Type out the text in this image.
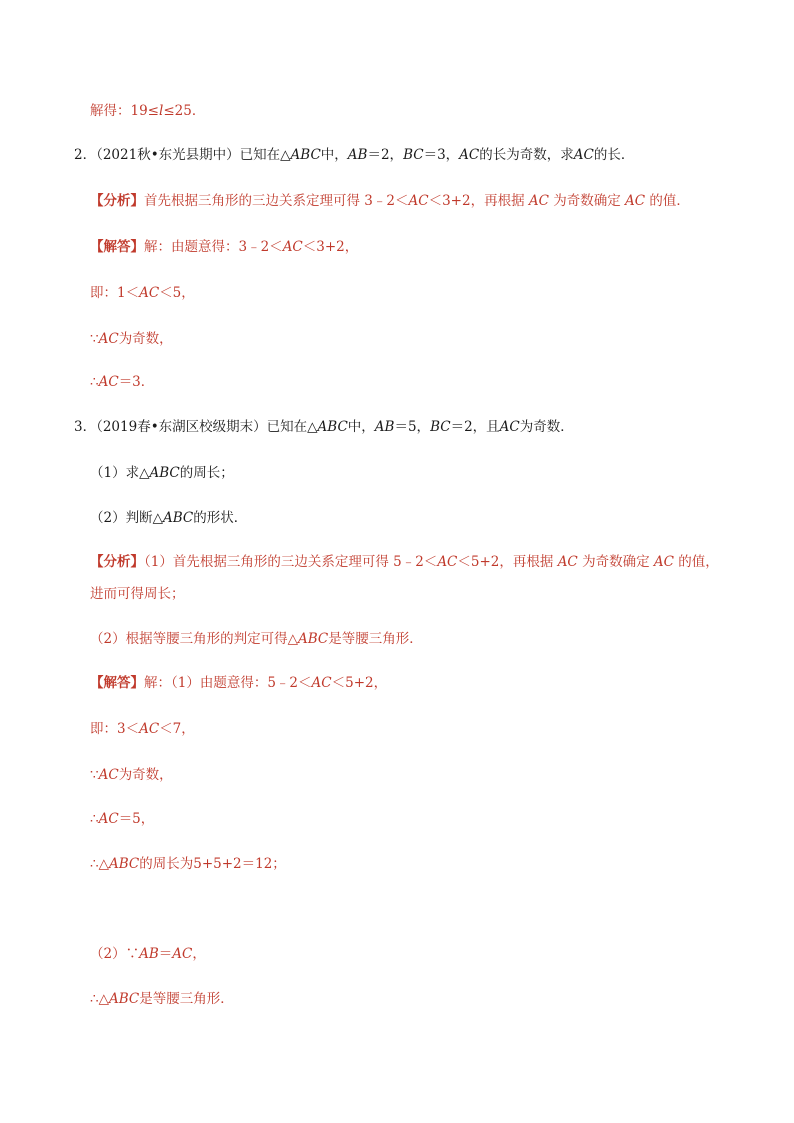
解得：19≤l≤25．
2．（2021秋•东光县期中）已知在△ABC中，AB＝2，BC＝3，AC的长为奇数，求AC的长．
【分析】首先根据三角形的三边关系定理可得 3﹣2＜AC＜3+2，再根据 AC 为奇数确定 AC 的值．
【解答】解：由题意得：3﹣2＜AC＜3+2，
即：1＜AC＜5，
∵AC为奇数，
∴AC＝3．
3．（2019春•东湖区校级期末）已知在△ABC中，AB＝5，BC＝2，且AC为奇数．
（1）求△ABC的周长；
（2）判断△ABC的形状．
【分析】（1）首先根据三角形的三边关系定理可得 5﹣2＜AC＜5+2，再根据 AC 为奇数确定 AC 的值，
进而可得周长；
（2）根据等腰三角形的判定可得△ABC是等腰三角形．
【解答】解：（1）由题意得：5﹣2＜AC＜5+2，
即：3＜AC＜7，
∵AC为奇数，
∴AC＝5，
∴△ABC的周长为5+5+2＝12；
（2）∵AB＝AC，
∴△ABC是等腰三角形．
